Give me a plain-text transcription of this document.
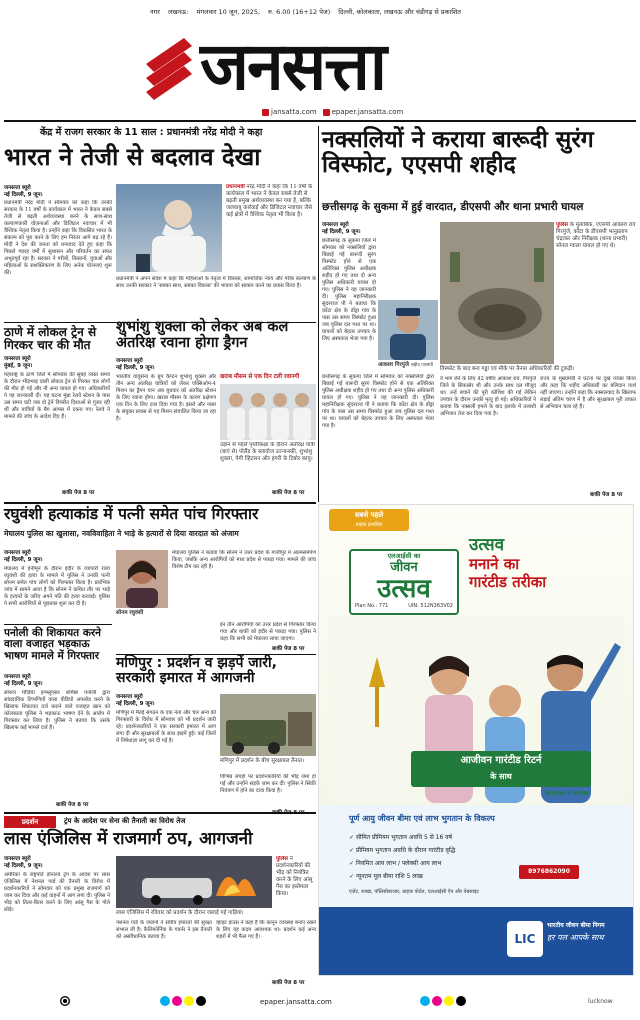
नगर लखनऊ: मंगलवार 10 जून, 2025, रु. 6.00 (16+12 पेज) दिल्ली, कोलकाता, लखनऊ और चंडीगढ़ से प्रकाशित
जनसत्ता
jansatta.com	epaper.jansatta.com
केंद्र में राजग सरकार के 11 साल : प्रधानमंत्री नरेंद्र मोदी ने कहा
भारत ने तेजी से बदलाव देखा
जनसत्ता ब्यूरो
नई दिल्ली, 9 जून।
प्रधानमंत्री नरेंद्र मोदी ने सोमवार को कहा कि उनकी सरकार के 11 वर्षों के कार्यकाल में भारत ने केवल सबसे तेजी से बढ़ती अर्थव्यवस्था बनने के साथ-साथ कल्याणकारी योजनाओं और डिजिटल नवाचार में भी वैश्विक नेतृत्व किया है। उन्होंने कहा कि विकसित भारत के संकल्प को पूरा करने के लिए हम निरंतर आगे बढ़ रहे हैं। मोदी ने देश की जनता को धन्यवाद देते हुए कहा कि पिछले ग्यारह वर्षों में सुशासन और परिवर्तन का सफर अभूतपूर्व रहा है। सरकार ने गरीबों, किसानों, युवाओं और महिलाओं के सशक्तिकरण के लिए अनेक योजनाएं शुरू कीं।
प्रधानमंत्री नरेंद्र मोदी ने कहा कि 11 वर्षों के कार्यकाल में भारत ने केवल सबसे तेजी से बढ़ती प्रमुख अर्थव्यवस्था बन गया है, बल्कि जलवायु कार्रवाई और डिजिटल नवाचार जैसे कई क्षेत्रों में वैश्विक नेतृत्व भी किया है।
प्रधानमंत्री ने अपने संदेश में कहा कि महिलाओं के नेतृत्व में विकास, सामाजिक न्याय और गरीब कल्याण के साथ उनकी सरकार ने 'सबका साथ, सबका विकास' की भावना को साकार करने का प्रयास किया है।
नक्सलियों ने कराया बारूदी सुरंग विस्फोट, एएसपी शहीद
छत्तीसगढ़ के सुकमा में हुई वारदात, डीएसपी और थाना प्रभारी घायल
जनसत्ता ब्यूरो
नई दिल्ली, 9 जून।
छत्तीसगढ़ के सुकमा जिले में सोमवार को नक्सलियों द्वारा बिछाई गई बारूदी सुरंग विस्फोट होने से एक अतिरिक्त पुलिस अधीक्षक शहीद हो गए तथा दो अन्य पुलिस अधिकारी घायल हो गए। पुलिस ने यह जानकारी दी। पुलिस महानिरीक्षक सुंदरराज पी ने बताया कि कोंटा क्षेत्र के डोंड्रा गांव के पास उस समय विस्फोट हुआ जब पुलिस दल गश्त पर था। घायलों को बेहतर उपचार के लिए अस्पताल भेजा गया है।
आकाश गिरपुंजे शहीद एएसपी
पुलिस के मुताबिक, एएसपी आकाश राव गिरपुंजे, कोंटा के डीएसपी भानुप्रताप चंद्राकर और निरीक्षक (थाना प्रभारी) सोनल ग्वाला घायल हो गए थे।
विस्फोट के बाद बना गड्ढा एवं मौके पर तैनात अधिकारियों की टुकड़ी।
छत्तीसगढ़ के सुकमा जिले में सोमवार को नक्सलियों द्वारा बिछाई गई बारूदी सुरंग विस्फोट होने से एक अतिरिक्त पुलिस अधीक्षक शहीद हो गए तथा दो अन्य पुलिस अधिकारी घायल हो गए। पुलिस ने यह जानकारी दी। पुलिस महानिरीक्षक सुंदरराज पी ने बताया कि कोंटा क्षेत्र के डोंड्रा गांव के पास उस समय विस्फोट हुआ जब पुलिस दल गश्त पर था। घायलों को बेहतर उपचार के लिए अस्पताल भेजा गया है।
वे भाग लेने के लिए 42 वर्षीय आकाश राव, गिरपुंजे जिले के सिकासेर थी और उनके साथ दल मौजूद था। उन्हें बचाने की पूरी कोशिश की गई लेकिन उपचार के दौरान उनकी मृत्यु हो गई। अधिकारियों ने बताया कि नक्सली हमले के बाद इलाके में तलाशी अभियान तेज कर दिया गया है।
राज्य के मुख्यमंत्री ने घटना पर दुख व्यक्त किया और कहा कि शहीद अधिकारी का बलिदान व्यर्थ नहीं जाएगा। उन्होंने कहा कि नक्सलवाद के खिलाफ लड़ाई अंतिम चरण में है और सुरक्षाबल पूरी ताकत से अभियान चला रहे हैं।
बाकी पेज 8 पर
ठाणे में लोकल ट्रेन से गिरकर चार की मौत
जनसत्ता ब्यूरो
मुंबई, 9 जून।
महाराष्ट्र के ठाणे जिले में सोमवार की सुबह व्यस्त समय के दौरान भीड़भाड़ वाली लोकल ट्रेन से गिरकर चार लोगों की मौत हो गई और नौ अन्य घायल हो गए। अधिकारियों ने यह जानकारी दी। यह घटना मुंब्रा रेलवे स्टेशन के पास उस समय घटी जब दो ट्रेनें विपरीत दिशाओं से गुजर रही थीं और यात्रियों के बैग आपस में टकरा गए। रेलवे ने मामले की जांच के आदेश दिए हैं।
बाकी पेज 8 पर
शुभांशु शुक्ला को लेकर अब कल अंतरिक्ष रवाना होगा ड्रैगन
जनसत्ता ब्यूरो
नई दिल्ली, 9 जून।
भारतीय वायुसेना के ग्रुप कैप्टन शुभांशु शुक्ला और तीन अन्य अंतरिक्ष यात्रियों को लेकर एक्सिओम-4 मिशन का ड्रैगन यान अब बुधवार को अंतरिक्ष स्टेशन के लिए रवाना होगा। खराब मौसम के कारण प्रक्षेपण एक दिन के लिए टाल दिया गया है। इसरो और नासा के संयुक्त प्रयास से यह मिशन संचालित किया जा रहा है।
खराब मौसम से एक दिन टली रवानगी
उड़ान से पहले पृथ्वीकक्षा के दौरान अंतरिक्ष यात्री (बाएं से) पोलैंड के स्लावोज उज्नान्स्की, शुभांशु शुक्ला, पेगी व्हिटसन और हंगरी के टिबोर कापु।
बाकी पेज 8 पर
रघुवंशी हत्याकांड में पत्नी समेत पांच गिरफ्तार
मेघालय पुलिस का खुलासा, नवविवाहिता ने भाड़े के हत्यारों से दिया वारदात को अंजाम
जनसत्ता ब्यूरो
नई दिल्ली, 9 जून।
मेघालय में हनीमून के दौरान इंदौर के व्यापारी राजा रघुवंशी की हत्या के मामले में पुलिस ने उनकी पत्नी सोनम समेत पांच लोगों को गिरफ्तार किया है। प्रारंभिक जांच में सामने आया है कि सोनम ने कथित तौर पर भाड़े के हत्यारों के जरिए अपने पति की हत्या करवाई। पुलिस ने सभी आरोपियों से पूछताछ शुरू कर दी है।
सोनम रघुवंशी
मेघालय पुलिस ने बताया कि सोनम ने उत्तर प्रदेश के गाजीपुर में आत्मसमर्पण किया, जबकि अन्य आरोपियों को मध्य प्रदेश से पकड़ा गया। मामले की जांच विशेष टीम कर रही है।
इन तीन आरोपियों को उत्तर प्रदेश से गिरफ्तार किया गया और बाकी को इंदौर से पकड़ा गया। पुलिस ने कहा कि सभी को मेघालय लाया जाएगा।
बाकी पेज 8 पर
पनोली की शिकायत करने वाला वजाहत भड़काऊ भाषण मामले में गिरफ्तार
जनसत्ता ब्यूरो
नई दिल्ली, 9 जून।
सोशल मीडिया इन्फ्लुएंसर शर्मिष्ठा पनोली द्वारा सांप्रदायिक टिप्पणियों वाला वीडियो अपलोड करने के खिलाफ शिकायत दर्ज कराने वाले वजाहत खान को कोलकाता पुलिस ने भड़काऊ भाषण देने के आरोप में गिरफ्तार कर लिया है। पुलिस ने बताया कि उसके खिलाफ कई मामले दर्ज हैं।
बाकी पेज 8 पर
मणिपुर : प्रदर्शन व झड़पें जारी, सरकारी इमारत में आगजनी
जनसत्ता ब्यूरो
नई दिल्ली, 9 जून।
मणिपुर में मैतेई संगठन के एक नेता और चार अन्य की गिरफ्तारी के विरोध में सोमवार को भी प्रदर्शन जारी रहे। प्रदर्शनकारियों ने एक सरकारी इमारत में आग लगा दी और सुरक्षाबलों के साथ झड़पें हुईं। कई जिलों में निषेधाज्ञा लागू कर दी गई है।
मणिपुर में प्रदर्शन के बीच सुरक्षाबल तैनात।
विभिन्न जगहों पर प्रदर्शनकारियों की भीड़ जमा हो गई और उन्होंने सड़कें जाम कर दीं। पुलिस ने स्थिति नियंत्रण में होने का दावा किया है।
प्रदर्शन	ट्रंप के आदेश पर सेना की तैनाती का विरोध तेज
लास एंजिलिस में राजमार्ग ठप, आगजनी
जनसत्ता ब्यूरो
नई दिल्ली, 9 जून।
अमेरिका के राष्ट्रपति डोनाल्ड ट्रंप के आदेश पर लास एंजिलिस में नेशनल गार्ड की तैनाती के विरोध में प्रदर्शनकारियों ने सोमवार को एक प्रमुख राजमार्ग को जाम कर दिया और कई वाहनों में आग लगा दी। पुलिस ने भीड़ को तितर-बितर करने के लिए आंसू गैस के गोले छोड़े।
पुलिस ने प्रदर्शनकारियों की भीड़ को नियंत्रित करने के लिए आंसू गैस का इस्तेमाल किया।
लास एंजिलिस में रविवार को प्रदर्शन के दौरान जलाई गई गाड़ियां।
नेशनल गार्ड के जवानों ने संघीय इमारतों की सुरक्षा संभाल ली है। कैलिफोर्निया के गवर्नर ने इस तैनाती को असंवैधानिक बताया है।
व्हाइट हाउस ने कहा है कि कानून व्यवस्था बनाए रखने के लिए यह कदम आवश्यक था। प्रदर्शन कई अन्य शहरों में भी फैल गए हैं।
बाकी पेज 8 पर
सबसे पहले
ग्राहक इंश्योरेंस
एलआईसी का
जीवन
उत्सव
Plan No.: 771	UIN: 512N363V02
उत्सव
मनाने का
गारंटीड तरीका
आजीवन गारंटीड रिटर्न
के साथ
ऑनलाइन भी उपलब्ध
पूर्ण आयु जीवन बीमा एवं लाभ भुगतान के विकल्प
✓ सीमित प्रीमियम भुगतान अवधि 5 से 16 वर्ष
✓ प्रीमियम भुगतान अवधि के दौरान गारंटीड वृद्धि
✓ नियमित आय लाभ / फ्लेक्सी आय लाभ
✓ न्यूनतम मूल बीमा राशि 5 लाख
एजेंट, शाखा, पॉलिसीबाजार, ग्राहक पोर्टल, एलआईसी ऐप और वेबसाइट
8976862090
LIC
भारतीय जीवन बीमा निगम
हर पल आपके साथ
epaper.jansatta.com	lucknow
